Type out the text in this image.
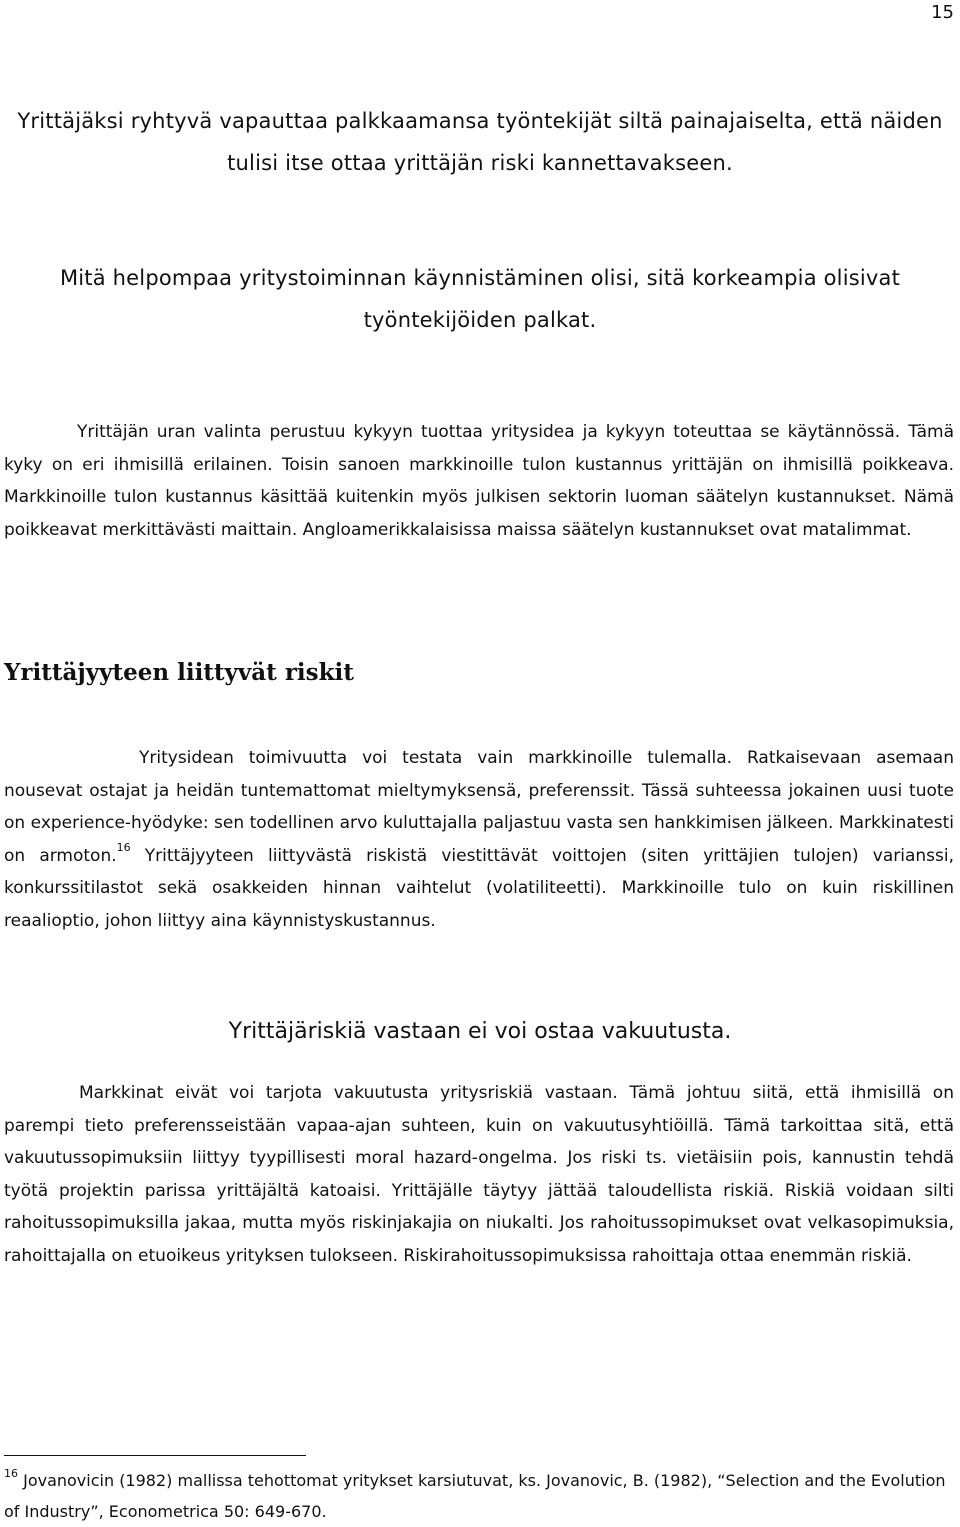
15

Yrittäjäksi ryhtyvä vapauttaa palkkaamansa työntekijät siltä painajaiselta, että näiden tulisi itse ottaa yrittäjän riski kannettavakseen.

Mitä helpompaa yritystoiminnan käynnistäminen olisi, sitä korkeampia olisivat työntekijöiden palkat.

Yrittäjän uran valinta perustuu kykyyn tuottaa yritysidea ja kykyyn toteuttaa se käytännössä. Tämä kyky on eri ihmisillä erilainen. Toisin sanoen markkinoille tulon kustannus yrittäjän on ihmisillä poikkeava. Markkinoille tulon kustannus käsittää kuitenkin myös julkisen sektorin luoman säätelyn kustannukset. Nämä poikkeavat merkittävästi maittain. Angloamerikkalaisissa maissa säätelyn kustannukset ovat matalimmat.

Yrittäjyyteen liittyvät riskit

Yritysidean toimivuutta voi testata vain markkinoille tulemalla. Ratkaisevaan asemaan nousevat ostajat ja heidän tuntemattomat mieltymyksensä, preferenssit. Tässä suhteessa jokainen uusi tuote on experience-hyödyke: sen todellinen arvo kuluttajalla paljastuu vasta sen hankkimisen jälkeen. Markkinatesti on armoton.$^{16}$ Yrittäjyyteen liittyvästä riskistä viestittävät voittojen (siten yrittäjien tulojen) varianssi, konkurssitilastot sekä osakkeiden hinnan vaihtelut (volatiliteetti). Markkinoille tulo on kuin riskillinen reaalioptio, johon liittyy aina käynnistyskustannus.

Yrittäjäriskiä vastaan ei voi ostaa vakuutusta.

Markkinat eivät voi tarjota vakuutusta yritysriskiä vastaan. Tämä johtuu siitä, että ihmisillä on parempi tieto preferensseistään vapaa-ajan suhteen, kuin on vakuutusyhtiöillä. Tämä tarkoittaa sitä, että vakuutussopimuksiin liittyy tyypillisesti moral hazard-ongelma. Jos riski ts. vietäisiin pois, kannustin tehdä työtä projektin parissa yrittäjältä katoaisi. Yrittäjälle täytyy jättää taloudellista riskiä. Riskiä voidaan silti rahoitussopimuksilla jakaa, mutta myös riskinjakajia on niukalti. Jos rahoitussopimukset ovat velkasopimuksia, rahoittajalla on etuoikeus yrityksen tulokseen. Riskirahoitussopimuksissa rahoittaja ottaa enemmän riskiä.

$^{16}$ Jovanovicin (1982) mallissa tehottomat yritykset karsiutuvat, ks. Jovanovic, B. (1982), “Selection and the Evolution of Industry”, Econometrica 50: 649-670.
